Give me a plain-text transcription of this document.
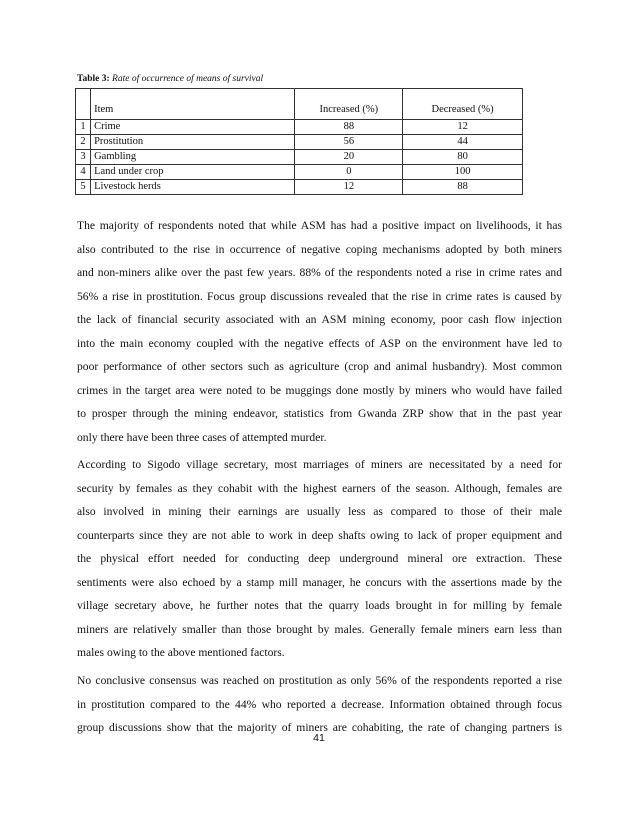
Table 3: Rate of occurrence of means of survival
	Item	Increased (%)	Decreased (%)
1	Crime	88	12
2	Prostitution	56	44
3	Gambling	20	80
4	Land under crop	0	100
5	Livestock herds	12	88

The majority of respondents noted that while ASM has had a positive impact on livelihoods, it has
also contributed to the rise in occurrence of negative coping mechanisms adopted by both miners
and non-miners alike over the past few years. 88% of the respondents noted a rise in crime rates and
56% a rise in prostitution. Focus group discussions revealed that the rise in crime rates is caused by
the lack of financial security associated with an ASM mining economy, poor cash flow injection
into the main economy coupled with the negative effects of ASP on the environment have led to
poor performance of other sectors such as agriculture (crop and animal husbandry). Most common
crimes in the target area were noted to be muggings done mostly by miners who would have failed
to prosper through the mining endeavor, statistics from Gwanda ZRP show that in the past year
only there have been three cases of attempted murder.

According to Sigodo village secretary, most marriages of miners are necessitated by a need for
security by females as they cohabit with the highest earners of the season. Although, females are
also involved in mining their earnings are usually less as compared to those of their male
counterparts since they are not able to work in deep shafts owing to lack of proper equipment and
the physical effort needed for conducting deep underground mineral ore extraction. These
sentiments were also echoed by a stamp mill manager, he concurs with the assertions made by the
village secretary above, he further notes that the quarry loads brought in for milling by female
miners are relatively smaller than those brought by males. Generally female miners earn less than
males owing to the above mentioned factors.

No conclusive consensus was reached on prostitution as only 56% of the respondents reported a rise
in prostitution compared to the 44% who reported a decrease. Information obtained through focus
group discussions show that the majority of miners are cohabiting, the rate of changing partners is

41
